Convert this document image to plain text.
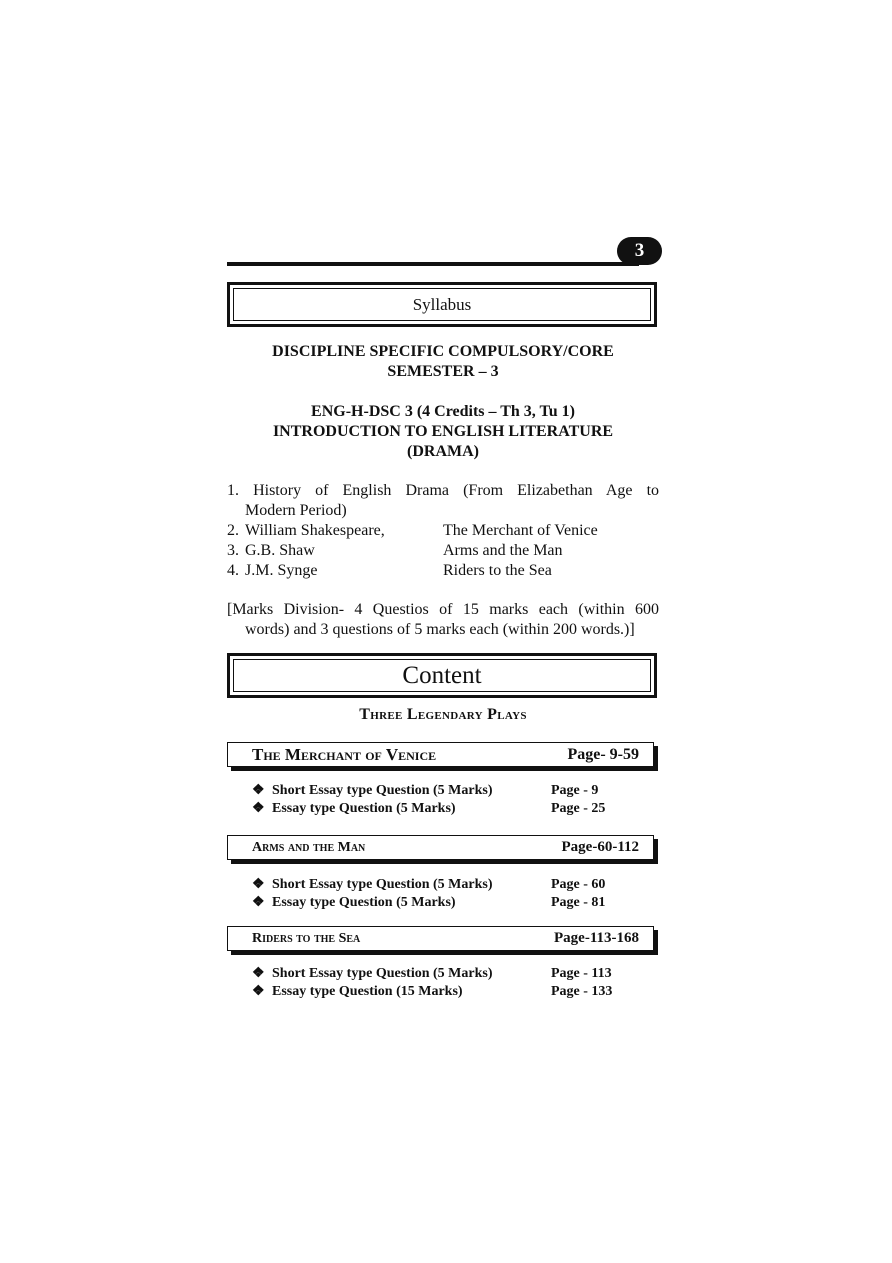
3
Syllabus
DISCIPLINE SPECIFIC COMPULSORY/CORE
SEMESTER – 3
ENG-H-DSC 3 (4 Credits – Th 3, Tu 1)
INTRODUCTION TO ENGLISH LITERATURE
(DRAMA)
1. History of English Drama (From Elizabethan Age to
Modern Period)
2. William Shakespeare,	The Merchant of Venice
3. G.B. Shaw	Arms and the Man
4. J.M. Synge	Riders to the Sea
[Marks Division- 4 Questios of 15 marks each (within 600
words) and 3 questions of 5 marks each (within 200 words.)]
Content
Three Legendary Plays
The Merchant of Venice	Page- 9-59
❖ Short Essay type Question (5 Marks)	Page - 9
❖ Essay type Question (5 Marks)	Page - 25
Arms and the Man	Page-60-112
❖ Short Essay type Question (5 Marks)	Page - 60
❖ Essay type Question (5 Marks)	Page - 81
Riders to the Sea	Page-113-168
❖ Short Essay type Question (5 Marks)	Page - 113
❖ Essay type Question (15 Marks)	Page - 133
